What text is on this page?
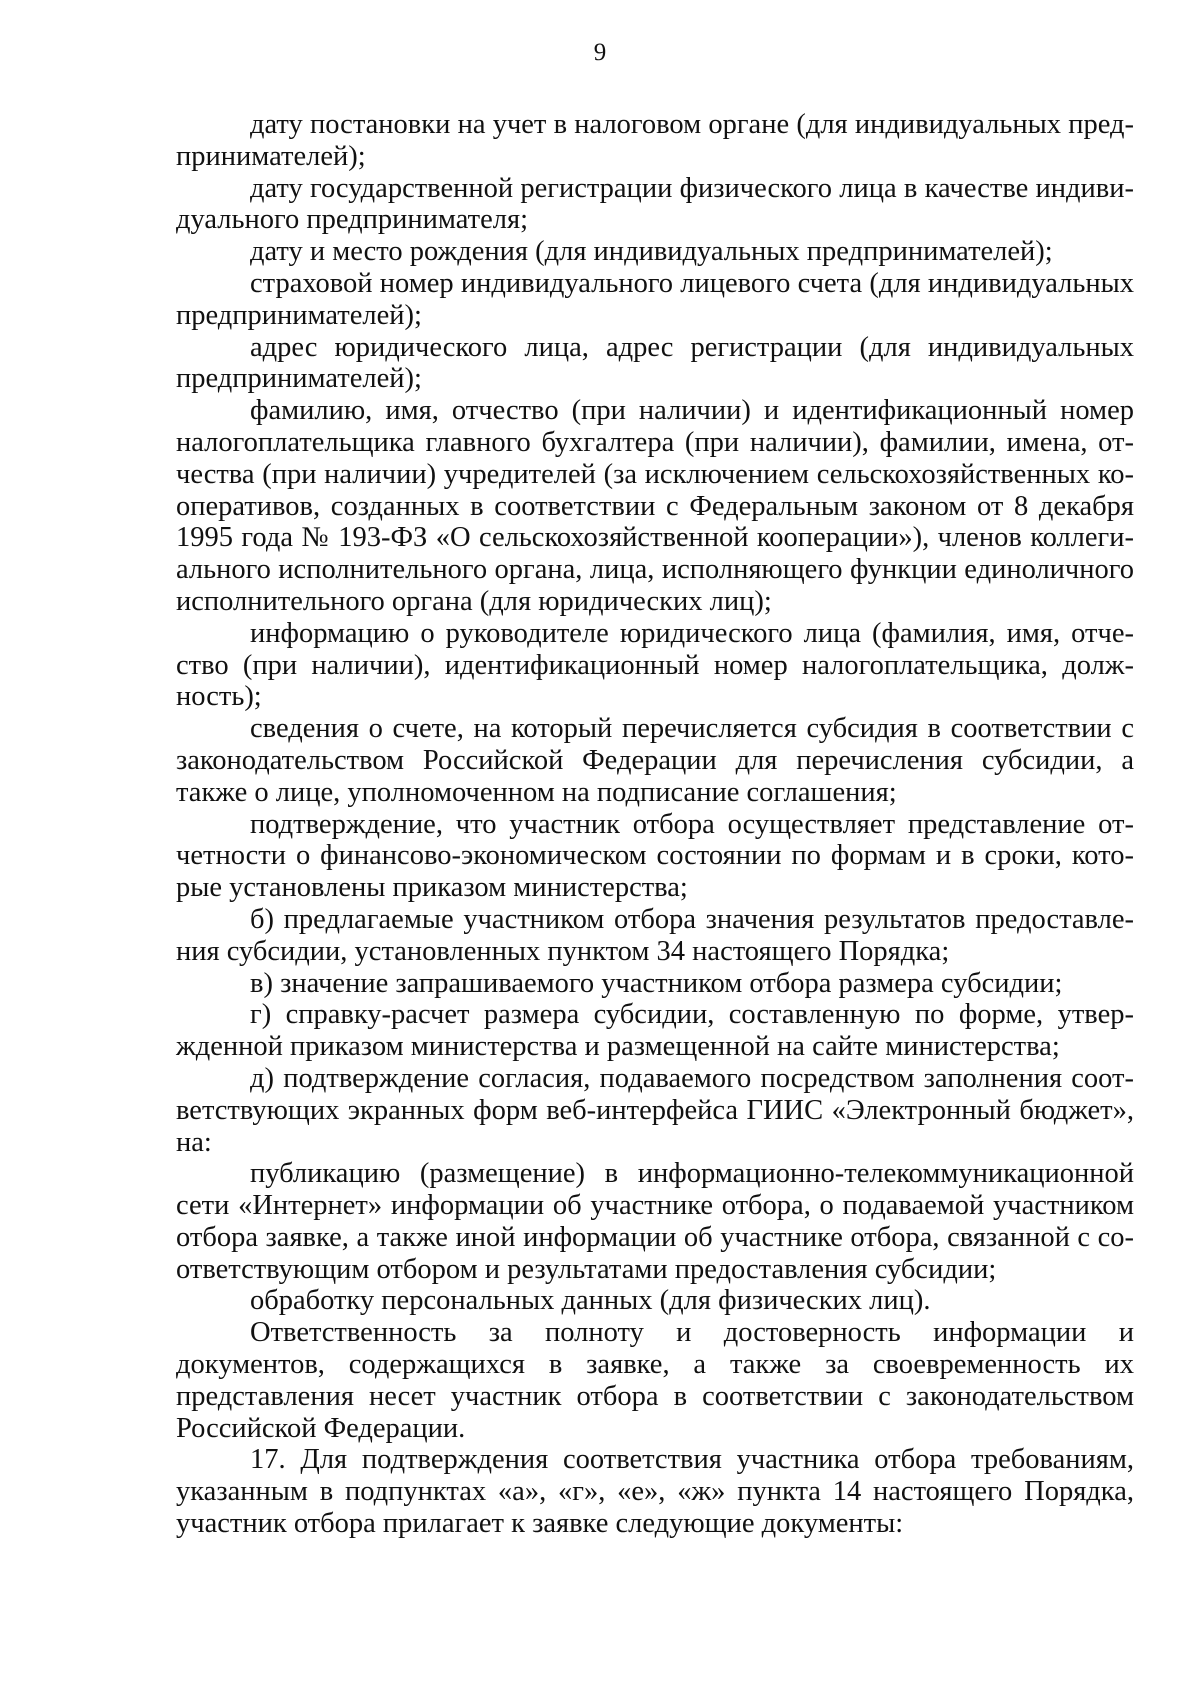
9

дату постановки на учет в налоговом органе (для индивидуальных предпринимателей);

дату государственной регистрации физического лица в качестве индивидуального предпринимателя;

дату и место рождения (для индивидуальных предпринимателей);

страховой номер индивидуального лицевого счета (для индивидуальных предпринимателей);

адрес юридического лица, адрес регистрации (для индивидуальных предпринимателей);

фамилию, имя, отчество (при наличии) и идентификационный номер налогоплательщика главного бухгалтера (при наличии), фамилии, имена, отчества (при наличии) учредителей (за исключением сельскохозяйственных кооперативов, созданных в соответствии с Федеральным законом от 8 декабря 1995 года № 193-ФЗ «О сельскохозяйственной кооперации»), членов коллегиального исполнительного органа, лица, исполняющего функции единоличного исполнительного органа (для юридических лиц);

информацию о руководителе юридического лица (фамилия, имя, отчество (при наличии), идентификационный номер налогоплательщика, должность);

сведения о счете, на который перечисляется субсидия в соответствии с законодательством Российской Федерации для перечисления субсидии, а также о лице, уполномоченном на подписание соглашения;

подтверждение, что участник отбора осуществляет представление отчетности о финансово-экономическом состоянии по формам и в сроки, которые установлены приказом министерства;

б) предлагаемые участником отбора значения результатов предоставления субсидии, установленных пунктом 34 настоящего Порядка;

в) значение запрашиваемого участником отбора размера субсидии;

г) справку-расчет размера субсидии, составленную по форме, утвержденной приказом министерства и размещенной на сайте министерства;

д) подтверждение согласия, подаваемого посредством заполнения соответствующих экранных форм веб-интерфейса ГИИС «Электронный бюджет», на:

публикацию (размещение) в информационно-телекоммуникационной сети «Интернет» информации об участнике отбора, о подаваемой участником отбора заявке, а также иной информации об участнике отбора, связанной с соответствующим отбором и результатами предоставления субсидии;

обработку персональных данных (для физических лиц).

Ответственность за полноту и достоверность информации и документов, содержащихся в заявке, а также за своевременность их представления несет участник отбора в соответствии с законодательством Российской Федерации.

17. Для подтверждения соответствия участника отбора требованиям, указанным в подпунктах «а», «г», «е», «ж» пункта 14 настоящего Порядка, участник отбора прилагает к заявке следующие документы:
